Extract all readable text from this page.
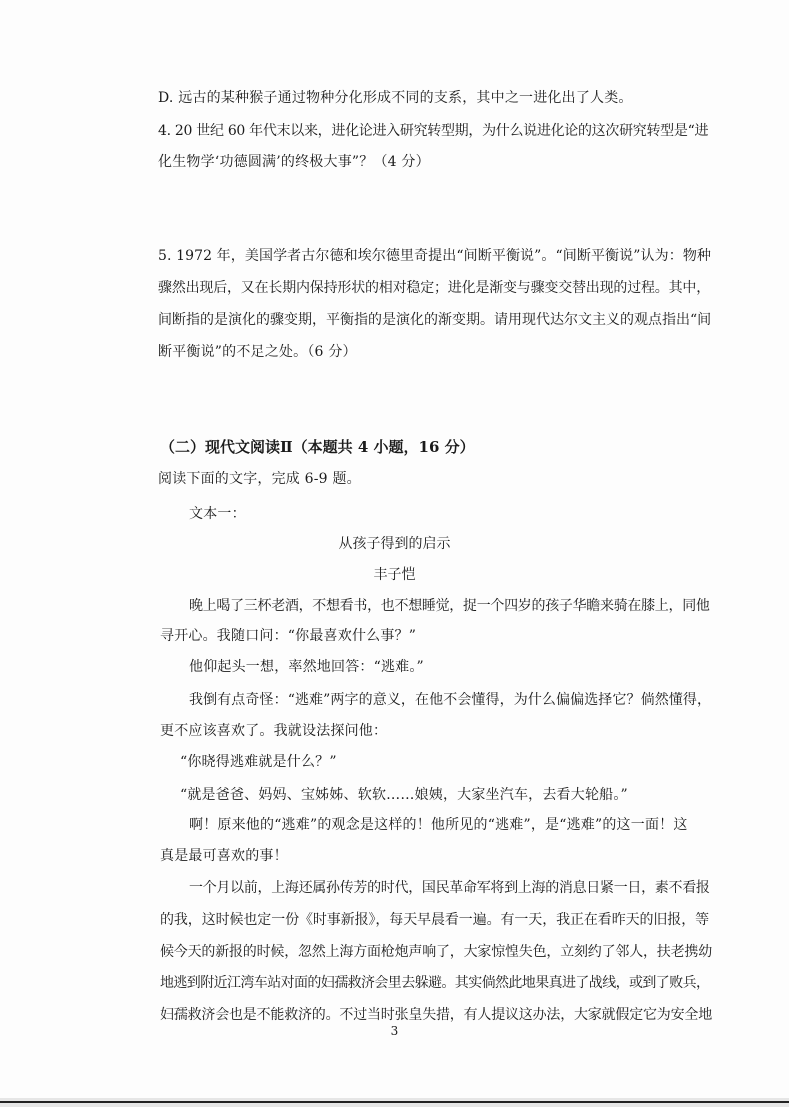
D. 远古的某种猴子通过物种分化形成不同的支系，其中之一进化出了人类。
4. 20 世纪 60 年代末以来，进化论进入研究转型期，为什么说进化论的这次研究转型是“进
化生物学‘功德圆满’的终极大事”？（4 分）
5. 1972 年，美国学者古尔德和埃尔德里奇提出“间断平衡说”。“间断平衡说”认为：物种
骤然出现后，又在长期内保持形状的相对稳定；进化是渐变与骤变交替出现的过程。其中，
间断指的是演化的骤变期，平衡指的是演化的渐变期。请用现代达尔文主义的观点指出“间
断平衡说”的不足之处。（6 分）
（二）现代文阅读Ⅱ（本题共 4 小题，16 分）
阅读下面的文字，完成 6-9 题。
文本一：
从孩子得到的启示
丰子恺
晚上喝了三杯老酒，不想看书，也不想睡觉，捉一个四岁的孩子华瞻来骑在膝上，同他
寻开心。我随口问：“你最喜欢什么事？”
他仰起头一想，率然地回答：“逃难。”
我倒有点奇怪：“逃难”两字的意义，在他不会懂得，为什么偏偏选择它？倘然懂得，
更不应该喜欢了。我就设法探问他：
“你晓得逃难就是什么？”
“就是爸爸、妈妈、宝姊姊、软软……娘姨，大家坐汽车，去看大轮船。”
啊！原来他的“逃难”的观念是这样的！他所见的“逃难”，是“逃难”的这一面！这
真是最可喜欢的事！
一个月以前，上海还属孙传芳的时代，国民革命军将到上海的消息日紧一日，素不看报
的我，这时候也定一份《时事新报》，每天早晨看一遍。有一天，我正在看昨天的旧报，等
候今天的新报的时候，忽然上海方面枪炮声响了，大家惊惶失色，立刻约了邻人，扶老携幼
地逃到附近江湾车站对面的妇孺救济会里去躲避。其实倘然此地果真进了战线，或到了败兵，
妇孺救济会也是不能救济的。不过当时张皇失措，有人提议这办法，大家就假定它为安全地
3
